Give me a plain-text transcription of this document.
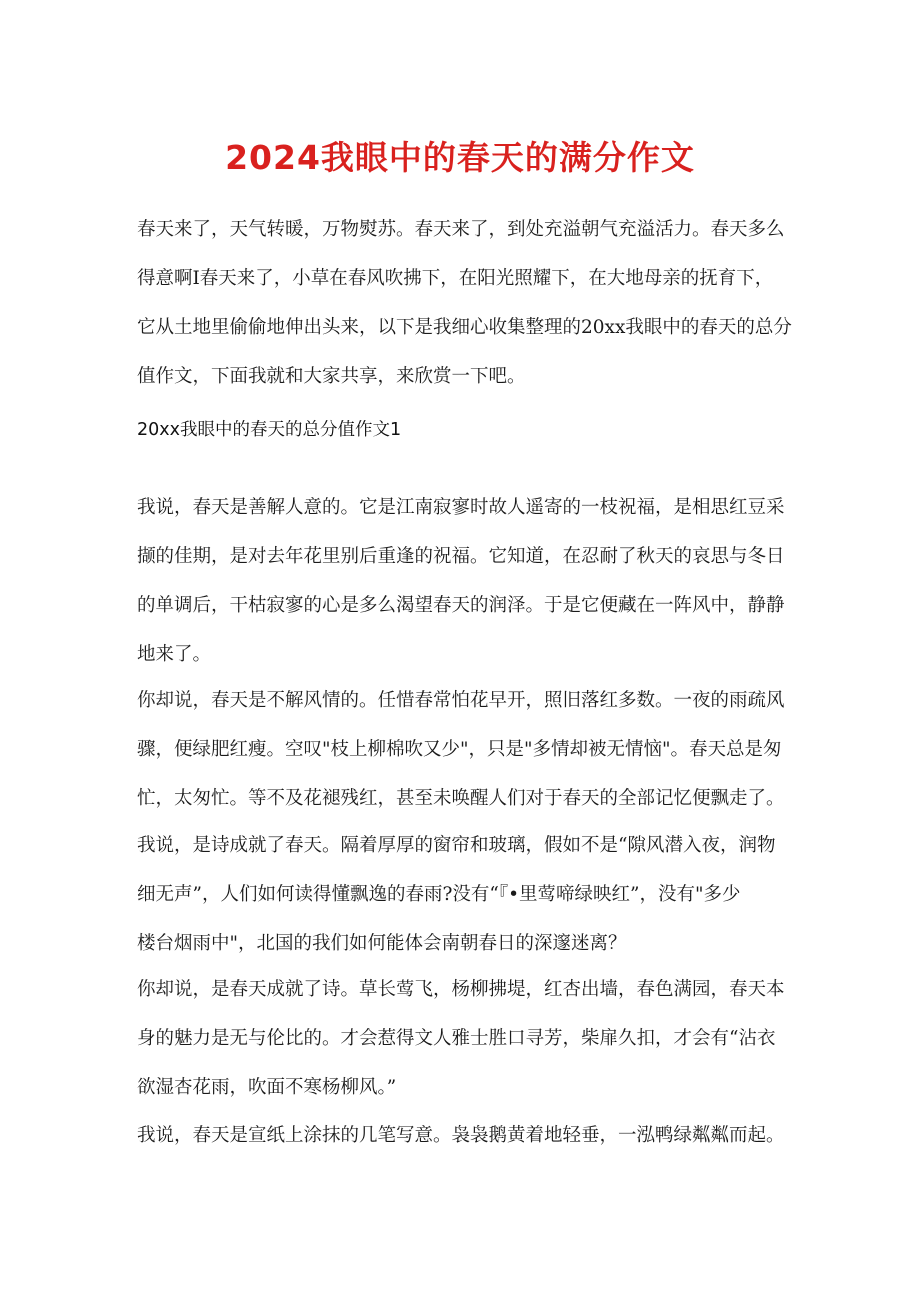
2024我眼中的春天的满分作文
春天来了，天气转暖，万物熨苏。春天来了，到处充溢朝气充溢活力。春天多么
得意啊I春天来了，小草在春风吹拂下，在阳光照耀下，在大地母亲的抚育下，
它从土地里偷偷地伸出头来，以下是我细心收集整理的20xx我眼中的春天的总分
值作文，下面我就和大家共享，来欣赏一下吧。
20xx我眼中的春天的总分值作文1
我说，春天是善解人意的。它是江南寂寥时故人遥寄的一枝祝福，是相思红豆采
撷的佳期，是对去年花里别后重逢的祝福。它知道，在忍耐了秋天的哀思与冬日
的单调后，干枯寂寥的心是多么渴望春天的润泽。于是它便藏在一阵风中，静静
地来了。
你却说，春天是不解风情的。任惜春常怕花早开，照旧落红多数。一夜的雨疏风
骤，便绿肥红瘦。空叹"枝上柳棉吹又少"，只是"多情却被无情恼"。春天总是匆
忙，太匆忙。等不及花褪残红，甚至未唤醒人们对于春天的全部记忆便飘走了。
我说，是诗成就了春天。隔着厚厚的窗帘和玻璃，假如不是“隙风潜入夜，润物
细无声”，人们如何读得懂飘逸的春雨?没有“『•里莺啼绿映红”，没有"多少
楼台烟雨中"，北国的我们如何能体会南朝春日的深邃迷离？
你却说，是春天成就了诗。草长莺飞，杨柳拂堤，红杏出墙，春色满园，春天本
身的魅力是无与伦比的。才会惹得文人雅士胜口寻芳，柴扉久扣，才会有“沾衣
欲湿杏花雨，吹面不寒杨柳风。”
我说，春天是宣纸上涂抹的几笔写意。袅袅鹅黄着地轻垂，一泓鸭绿粼粼而起。
